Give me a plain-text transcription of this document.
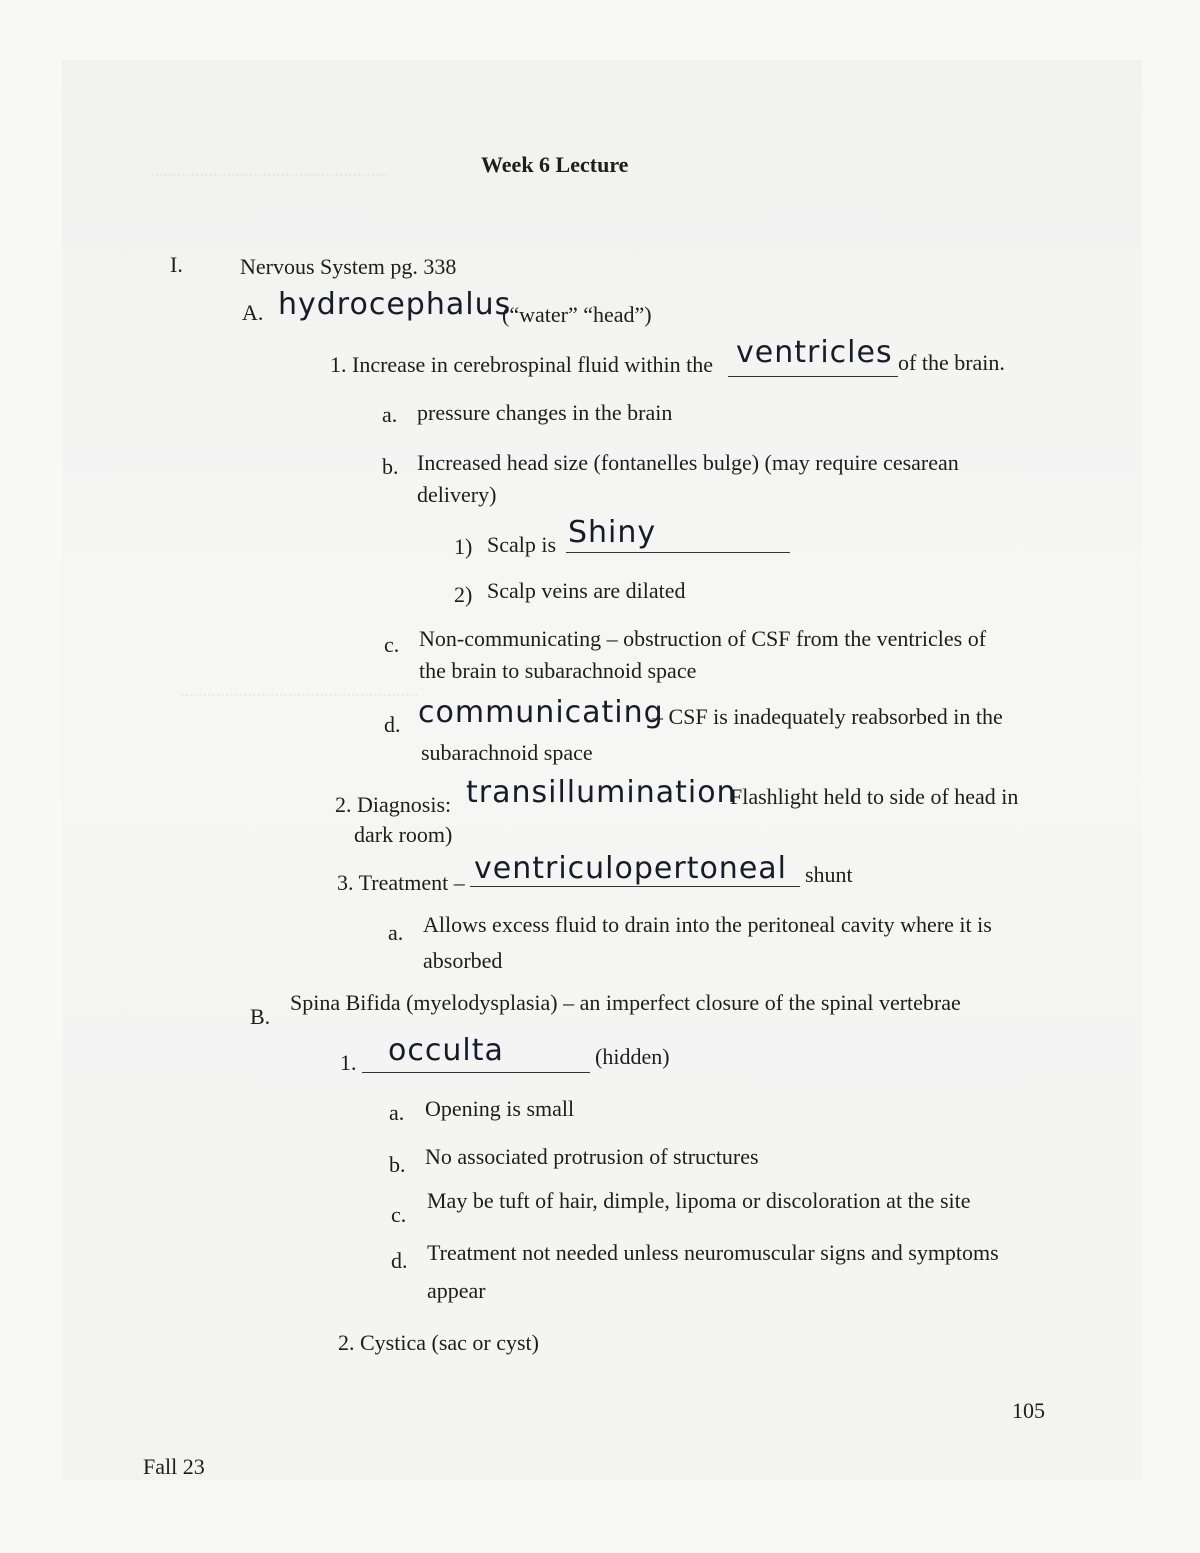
.....................................................
.....................................................
Week 6 Lecture
I.	Nervous System pg. 338
A. hydrocephalus
(“water” “head”)
1. Increase in cerebrospinal fluid within the ventricles of the brain.
a. pressure changes in the brain
b. Increased head size (fontanelles bulge) (may require cesarean
delivery)
1) Scalp is Shiny
2) Scalp veins are dilated
c. Non-communicating – obstruction of CSF from the ventricles of
the brain to subarachnoid space
d. communicating
– CSF is inadequately reabsorbed in the
subarachnoid space
2. Diagnosis: transillumination
Flashlight held to side of head in
dark room)
3. Treatment – ventriculopertoneal shunt
a. Allows excess fluid to drain into the peritoneal cavity where it is
absorbed
B.
Spina Bifida (myelodysplasia) – an imperfect closure of the spinal vertebrae
1. occulta	(hidden)
a. Opening is small
b. No associated protrusion of structures
c.
May be tuft of hair, dimple, lipoma or discoloration at the site
d. Treatment not needed unless neuromuscular signs and symptoms
appear
2. Cystica (sac or cyst)
105
Fall 23
